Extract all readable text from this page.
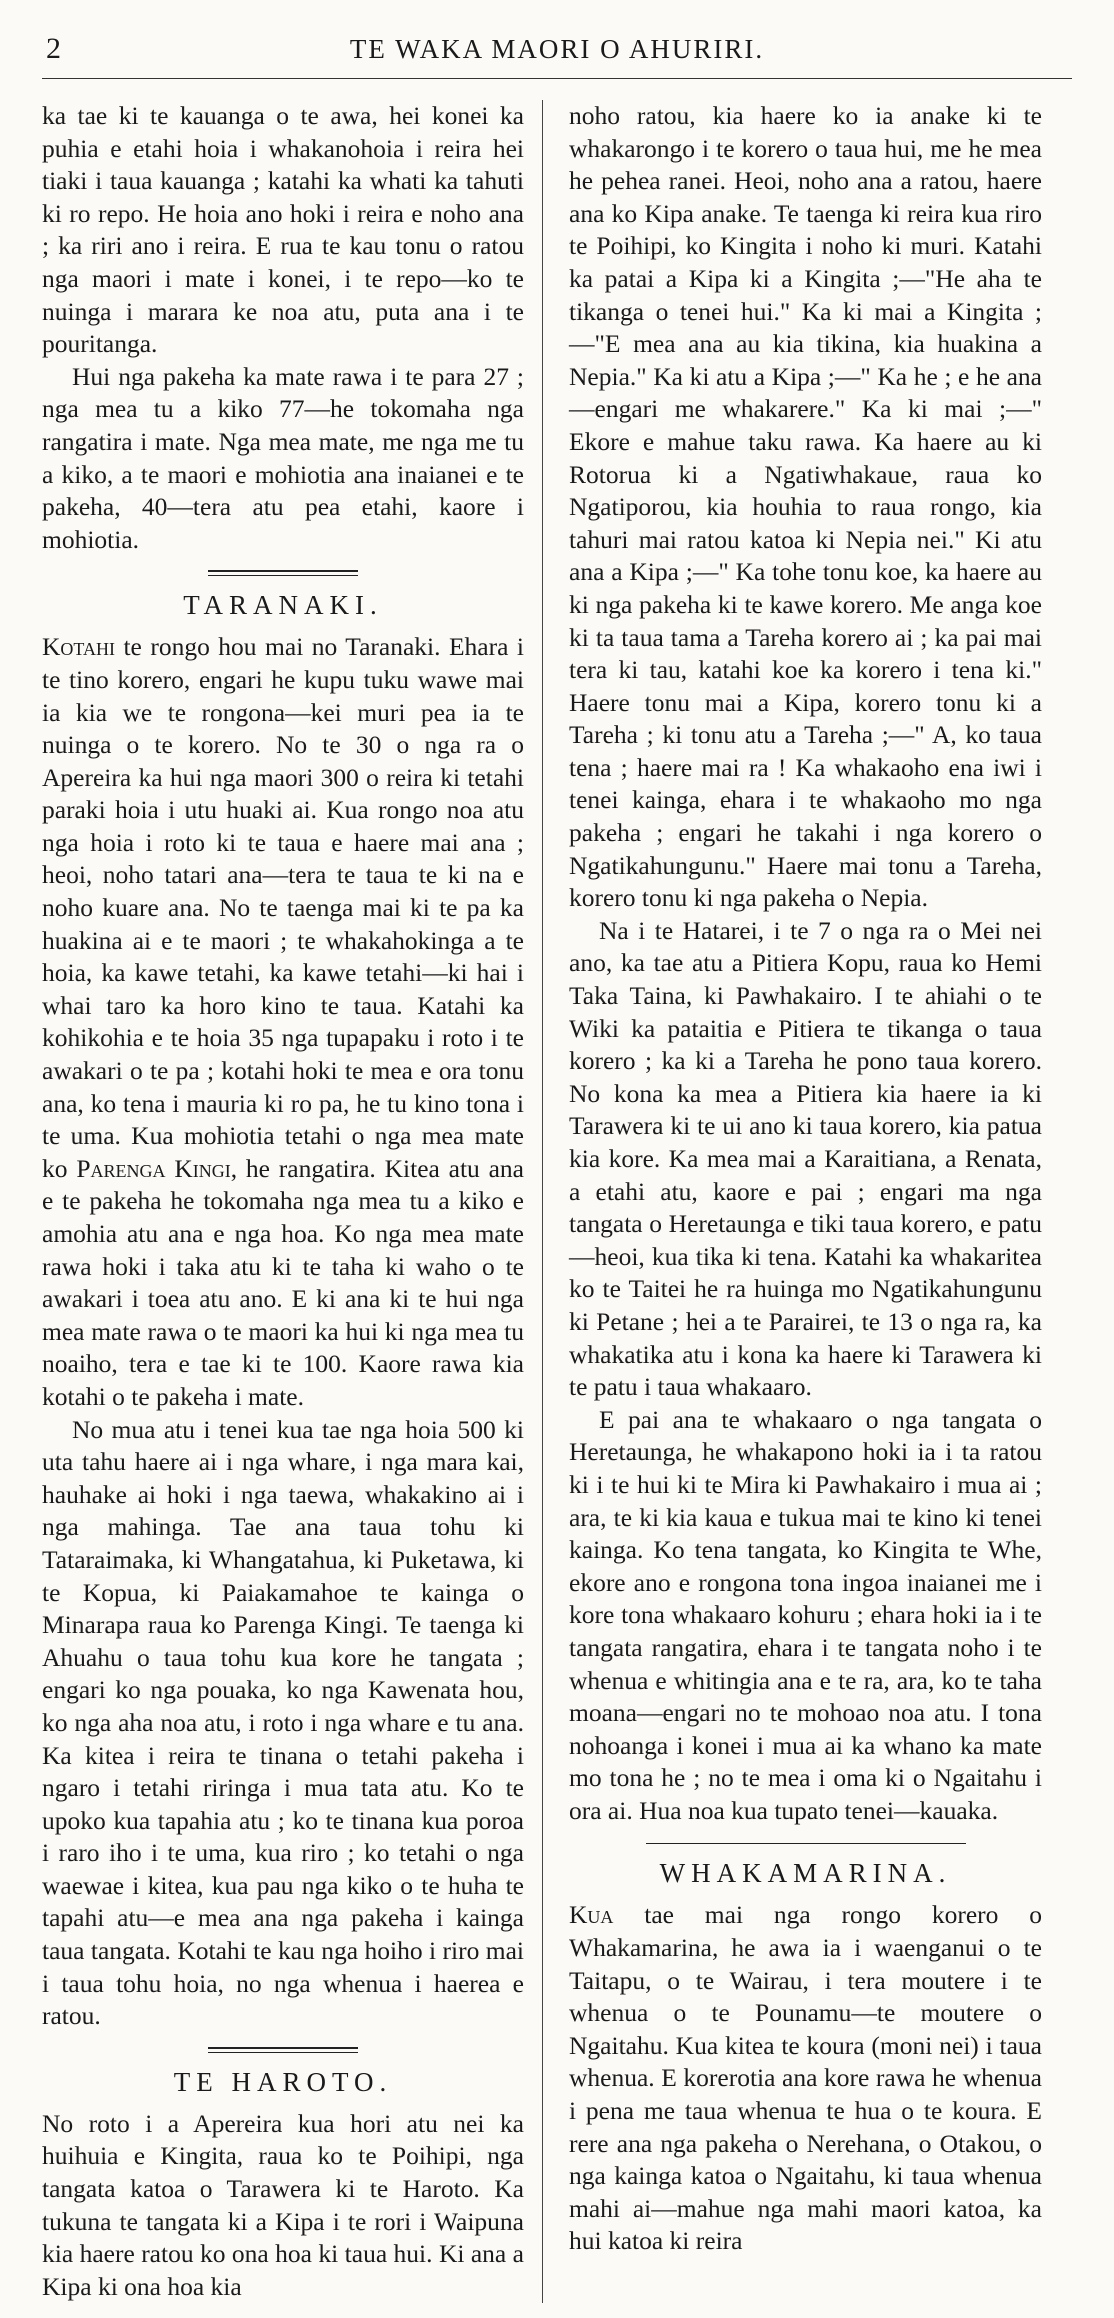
2	TE WAKA MAORI O AHURIRI.

ka tae ki te kauanga o te awa, hei konei ka puhia e etahi hoia i whakanohoia i reira hei tiaki i taua kauanga ; katahi ka whati ka tahuti ki ro repo. He hoia ano hoki i reira e noho ana ; ka riri ano i reira. E rua te kau tonu o ratou nga maori i mate i konei, i te repo—ko te nuinga i marara ke noa atu, puta ana i te pouritanga.

Hui nga pakeha ka mate rawa i te para 27 ; nga mea tu a kiko 77—he tokomaha nga rangatira i mate. Nga mea mate, me nga me tu a kiko, a te maori e mohiotia ana inaianei e te pakeha, 40—tera atu pea etahi, kaore i mohiotia.

TARANAKI.

Kotahi te rongo hou mai no Taranaki. Ehara i te tino korero, engari he kupu tuku wawe mai ia kia we te rongona—kei muri pea ia te nuinga o te korero. No te 30 o nga ra o Apereira ka hui nga maori 300 o reira ki tetahi paraki hoia i utu huaki ai. Kua rongo noa atu nga hoia i roto ki te taua e haere mai ana ; heoi, noho tatari ana—tera te taua te ki na e noho kuare ana. No te taenga mai ki te pa ka huakina ai e te maori ; te whakahokinga a te hoia, ka kawe tetahi, ka kawe tetahi—ki hai i whai taro ka horo kino te taua. Katahi ka kohikohia e te hoia 35 nga tupapaku i roto i te awakari o te pa ; kotahi hoki te mea e ora tonu ana, ko tena i mauria ki ro pa, he tu kino tona i te uma. Kua mohiotia tetahi o nga mea mate ko Parenga Kingi, he rangatira. Kitea atu ana e te pakeha he tokomaha nga mea tu a kiko e amohia atu ana e nga hoa. Ko nga mea mate rawa hoki i taka atu ki te taha ki waho o te awakari i toea atu ano. E ki ana ki te hui nga mea mate rawa o te maori ka hui ki nga mea tu noaiho, tera e tae ki te 100. Kaore rawa kia kotahi o te pakeha i mate.

No mua atu i tenei kua tae nga hoia 500 ki uta tahu haere ai i nga whare, i nga mara kai, hauhake ai hoki i nga taewa, whakakino ai i nga mahinga. Tae ana taua tohu ki Tataraimaka, ki Whangatahua, ki Puketawa, ki te Kopua, ki Paiakamahoe te kainga o Minarapa raua ko Parenga Kingi. Te taenga ki Ahuahu o taua tohu kua kore he tangata ; engari ko nga pouaka, ko nga Kawenata hou, ko nga aha noa atu, i roto i nga whare e tu ana. Ka kitea i reira te tinana o tetahi pakeha i ngaro i tetahi riringa i mua tata atu. Ko te upoko kua tapahia atu ; ko te tinana kua poroa i raro iho i te uma, kua riro ; ko tetahi o nga waewae i kitea, kua pau nga kiko o te huha te tapahi atu—e mea ana nga pakeha i kainga taua tangata. Kotahi te kau nga hoiho i riro mai i taua tohu hoia, no nga whenua i haerea e ratou.

TE HAROTO.

No roto i a Apereira kua hori atu nei ka huihuia e Kingita, raua ko te Poihipi, nga tangata katoa o Tarawera ki te Haroto. Ka tukuna te tangata ki a Kipa i te rori i Waipuna kia haere ratou ko ona hoa ki taua hui. Ki ana a Kipa ki ona hoa kia

noho ratou, kia haere ko ia anake ki te whakarongo i te korero o taua hui, me he mea he pehea ranei. Heoi, noho ana a ratou, haere ana ko Kipa anake. Te taenga ki reira kua riro te Poihipi, ko Kingita i noho ki muri. Katahi ka patai a Kipa ki a Kingita ;—"He aha te tikanga o tenei hui." Ka ki mai a Kingita ;—"E mea ana au kia tikina, kia huakina a Nepia." Ka ki atu a Kipa ;—" Ka he ; e he ana—engari me whakarere." Ka ki mai ;—" Ekore e mahue taku rawa. Ka haere au ki Rotorua ki a Ngatiwhakaue, raua ko Ngatiporou, kia houhia to raua rongo, kia tahuri mai ratou katoa ki Nepia nei." Ki atu ana a Kipa ;—" Ka tohe tonu koe, ka haere au ki nga pakeha ki te kawe korero. Me anga koe ki ta taua tama a Tareha korero ai ; ka pai mai tera ki tau, katahi koe ka korero i tena ki." Haere tonu mai a Kipa, korero tonu ki a Tareha ; ki tonu atu a Tareha ;—" A, ko taua tena ; haere mai ra ! Ka whakaoho ena iwi i tenei kainga, ehara i te whakaoho mo nga pakeha ; engari he takahi i nga korero o Ngatikahungunu." Haere mai tonu a Tareha, korero tonu ki nga pakeha o Nepia.

Na i te Hatarei, i te 7 o nga ra o Mei nei ano, ka tae atu a Pitiera Kopu, raua ko Hemi Taka Taina, ki Pawhakairo. I te ahiahi o te Wiki ka pataitia e Pitiera te tikanga o taua korero ; ka ki a Tareha he pono taua korero. No kona ka mea a Pitiera kia haere ia ki Tarawera ki te ui ano ki taua korero, kia patua kia kore. Ka mea mai a Karaitiana, a Renata, a etahi atu, kaore e pai ; engari ma nga tangata o Heretaunga e tiki taua korero, e patu—heoi, kua tika ki tena. Katahi ka whakaritea ko te Taitei he ra huinga mo Ngatikahungunu ki Petane ; hei a te Parairei, te 13 o nga ra, ka whakatika atu i kona ka haere ki Tarawera ki te patu i taua whakaaro.

E pai ana te whakaaro o nga tangata o Heretaunga, he whakapono hoki ia i ta ratou ki i te hui ki te Mira ki Pawhakairo i mua ai ; ara, te ki kia kaua e tukua mai te kino ki tenei kainga. Ko tena tangata, ko Kingita te Whe, ekore ano e rongona tona ingoa inaianei me i kore tona whakaaro kohuru ; ehara hoki ia i te tangata rangatira, ehara i te tangata noho i te whenua e whitingia ana e te ra, ara, ko te taha moana—engari no te mohoao noa atu. I tona nohoanga i konei i mua ai ka whano ka mate mo tona he ; no te mea i oma ki o Ngaitahu i ora ai. Hua noa kua tupato tenei—kauaka.

WHAKAMARINA.

Kua tae mai nga rongo korero o Whakamarina, he awa ia i waenganui o te Taitapu, o te Wairau, i tera moutere i te whenua o te Pounamu—te moutere o Ngaitahu. Kua kitea te koura (moni nei) i taua whenua. E korerotia ana kore rawa he whenua i pena me taua whenua te hua o te koura. E rere ana nga pakeha o Nerehana, o Otakou, o nga kainga katoa o Ngaitahu, ki taua whenua mahi ai—mahue nga mahi maori katoa, ka hui katoa ki reira
